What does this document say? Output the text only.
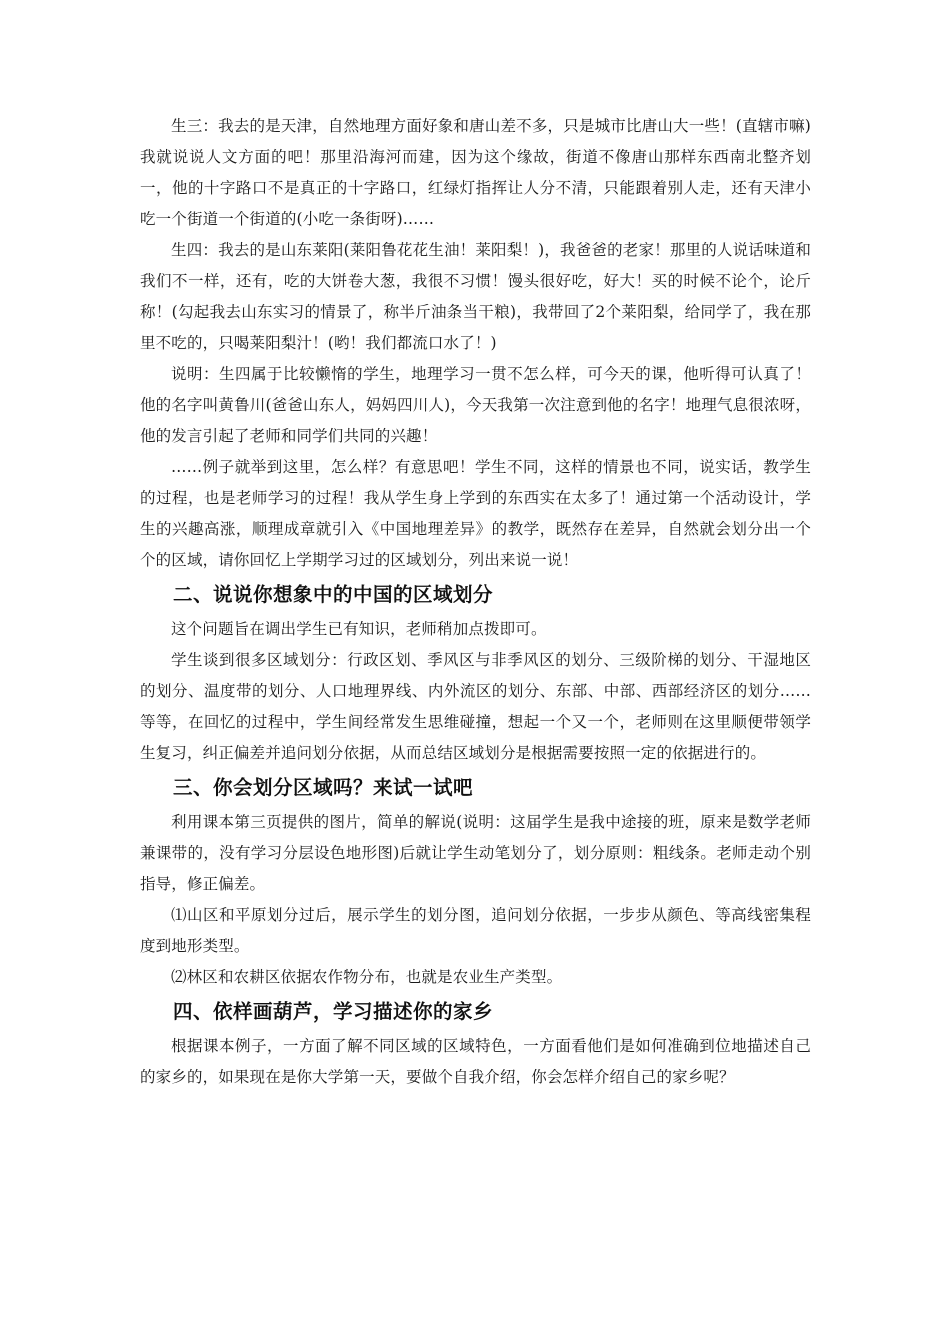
生三：我去的是天津，自然地理方面好象和唐山差不多，只是城市比唐山大一些！(直辖市嘛)我就说说人文方面的吧！那里沿海河而建，因为这个缘故，街道不像唐山那样东西南北整齐划一，他的十字路口不是真正的十字路口，红绿灯指挥让人分不清，只能跟着别人走，还有天津小吃一个街道一个街道的(小吃一条街呀)……

生四：我去的是山东莱阳(莱阳鲁花花生油！莱阳梨！)，我爸爸的老家！那里的人说话味道和我们不一样，还有，吃的大饼卷大葱，我很不习惯！馒头很好吃，好大！买的时候不论个，论斤称！(勾起我去山东实习的情景了，称半斤油条当干粮)，我带回了2个莱阳梨，给同学了，我在那里不吃的，只喝莱阳梨汁！(哟！我们都流口水了！)

说明：生四属于比较懒惰的学生，地理学习一贯不怎么样，可今天的课，他听得可认真了！他的名字叫黄鲁川(爸爸山东人，妈妈四川人)，今天我第一次注意到他的名字！地理气息很浓呀，他的发言引起了老师和同学们共同的兴趣！

……例子就举到这里，怎么样？有意思吧！学生不同，这样的情景也不同，说实话，教学生的过程，也是老师学习的过程！我从学生身上学到的东西实在太多了！通过第一个活动设计，学生的兴趣高涨，顺理成章就引入《中国地理差异》的教学，既然存在差异，自然就会划分出一个个的区域，请你回忆上学期学习过的区域划分，列出来说一说！

二、说说你想象中的中国的区域划分

这个问题旨在调出学生已有知识，老师稍加点拨即可。

学生谈到很多区域划分：行政区划、季风区与非季风区的划分、三级阶梯的划分、干湿地区的划分、温度带的划分、人口地理界线、内外流区的划分、东部、中部、西部经济区的划分……等等，在回忆的过程中，学生间经常发生思维碰撞，想起一个又一个，老师则在这里顺便带领学生复习，纠正偏差并追问划分依据，从而总结区域划分是根据需要按照一定的依据进行的。

三、你会划分区域吗？来试一试吧

利用课本第三页提供的图片，简单的解说(说明：这届学生是我中途接的班，原来是数学老师兼课带的，没有学习分层设色地形图)后就让学生动笔划分了，划分原则：粗线条。老师走动个别指导，修正偏差。

⑴山区和平原划分过后，展示学生的划分图，追问划分依据，一步步从颜色、等高线密集程度到地形类型。

⑵林区和农耕区依据农作物分布，也就是农业生产类型。

四、依样画葫芦，学习描述你的家乡

根据课本例子，一方面了解不同区域的区域特色，一方面看他们是如何准确到位地描述自己的家乡的，如果现在是你大学第一天，要做个自我介绍，你会怎样介绍自己的家乡呢？
